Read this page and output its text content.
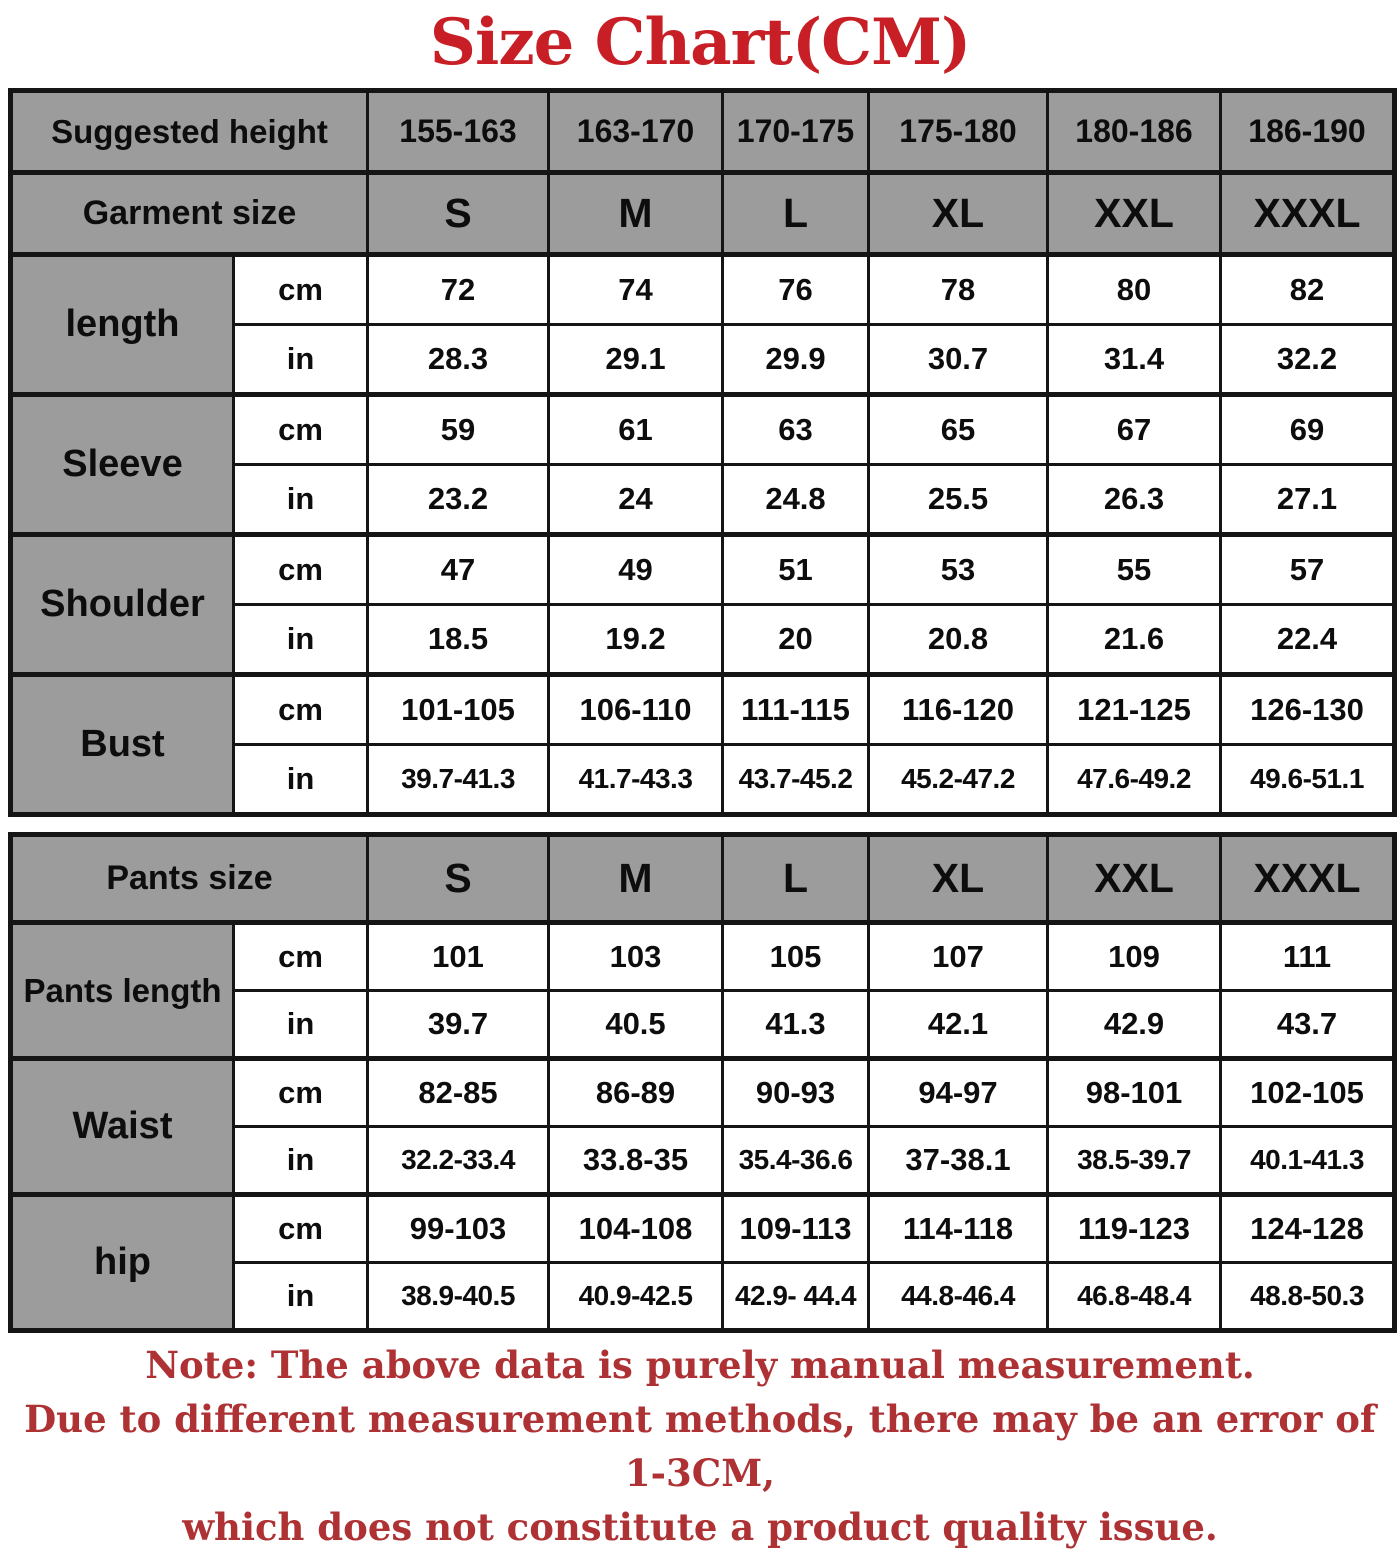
Size Chart(CM)
Suggested height		155-163	163-170	170-175	175-180	180-186	186-190
Garment size		S	M	L	XL	XXL	XXXL
length	cm	72	74	76	78	80	82
	in	28.3	29.1	29.9	30.7	31.4	32.2
Sleeve	cm	59	61	63	65	67	69
	in	23.2	24	24.8	25.5	26.3	27.1
Shoulder	cm	47	49	51	53	55	57
	in	18.5	19.2	20	20.8	21.6	22.4
Bust	cm	101-105	106-110	111-115	116-120	121-125	126-130
	in	39.7-41.3	41.7-43.3	43.7-45.2	45.2-47.2	47.6-49.2	49.6-51.1
Pants size		S	M	L	XL	XXL	XXXL
Pants length	cm	101	103	105	107	109	111
	in	39.7	40.5	41.3	42.1	42.9	43.7
Waist	cm	82-85	86-89	90-93	94-97	98-101	102-105
	in	32.2-33.4	33.8-35	35.4-36.6	37-38.1	38.5-39.7	40.1-41.3
hip	cm	99-103	104-108	109-113	114-118	119-123	124-128
	in	38.9-40.5	40.9-42.5	42.9- 44.4	44.8-46.4	46.8-48.4	48.8-50.3
Note: The above data is purely manual measurement.
Due to different measurement methods, there may be an error of 1-3CM,
which does not constitute a product quality issue.
